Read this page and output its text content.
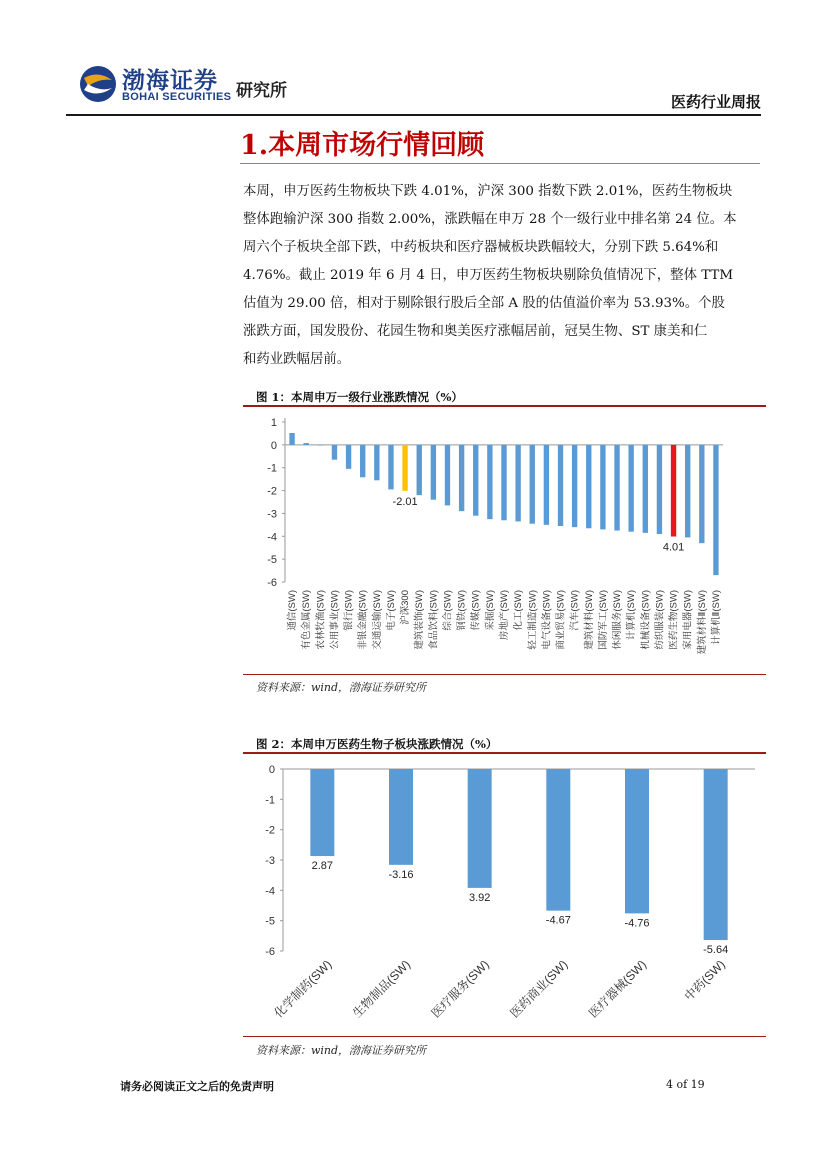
渤海证券
BOHAI SECURITIES 研究所
医药行业周报
1.本周市场行情回顾
本周，申万医药生物板块下跌 4.01%，沪深 300 指数下跌 2.01%，医药生物板块
整体跑输沪深 300 指数 2.00%，涨跌幅在申万 28 个一级行业中排名第 24 位。本
周六个子板块全部下跌，中药板块和医疗器械板块跌幅较大，分别下跌 5.64%和
4.76%。截止 2019 年 6 月 4 日，申万医药生物板块剔除负值情况下，整体 TTM
估值为 29.00 倍，相对于剔除银行股后全部 A 股的估值溢价率为 53.93%。个股
涨跌方面，国发股份、花园生物和奥美医疗涨幅居前，冠昊生物、ST 康美和仁
和药业跌幅居前。
图 1：本周申万一级行业涨跌情况（%）
1
0
-1
-2
-3
-4
-5
-6
通信(SW) 有色金属(SW) 农林牧渔(SW) 公用事业(SW) 银行(SW) 非银金融(SW) 交通运输(SW) 电子(SW)
-2.01
沪深300 建筑装饰(SW) 食品饮料(SW) 综合(SW) 钢铁(SW) 传媒(SW) 采掘(SW) 房地产(SW) 化工(SW) 轻工制造(SW) 电气设备(SW) 商业贸易(SW) 汽车(SW) 建筑材料(SW) 国防军工(SW) 休闲服务(SW) 计算机(SW) 机械设备(SW) 纺织服装(SW)
4.01
医药生物(SW) 家用电器(SW) 建筑材料Ⅱ(SW) 计算机Ⅱ(SW)
资料来源：wind，渤海证券研究所
图 2：本周申万医药生物子板块涨跌情况（%）
0
-1
-2
-3
-4
-5
-6
2.87
化学制药(SW)
-3.16
生物制品(SW)
3.92
医疗服务(SW)
-4.67
医药商业(SW)
-4.76
医疗器械(SW)
-5.64
中药(SW)
资料来源：wind，渤海证券研究所
请务必阅读正文之后的免责声明	4 of 19
